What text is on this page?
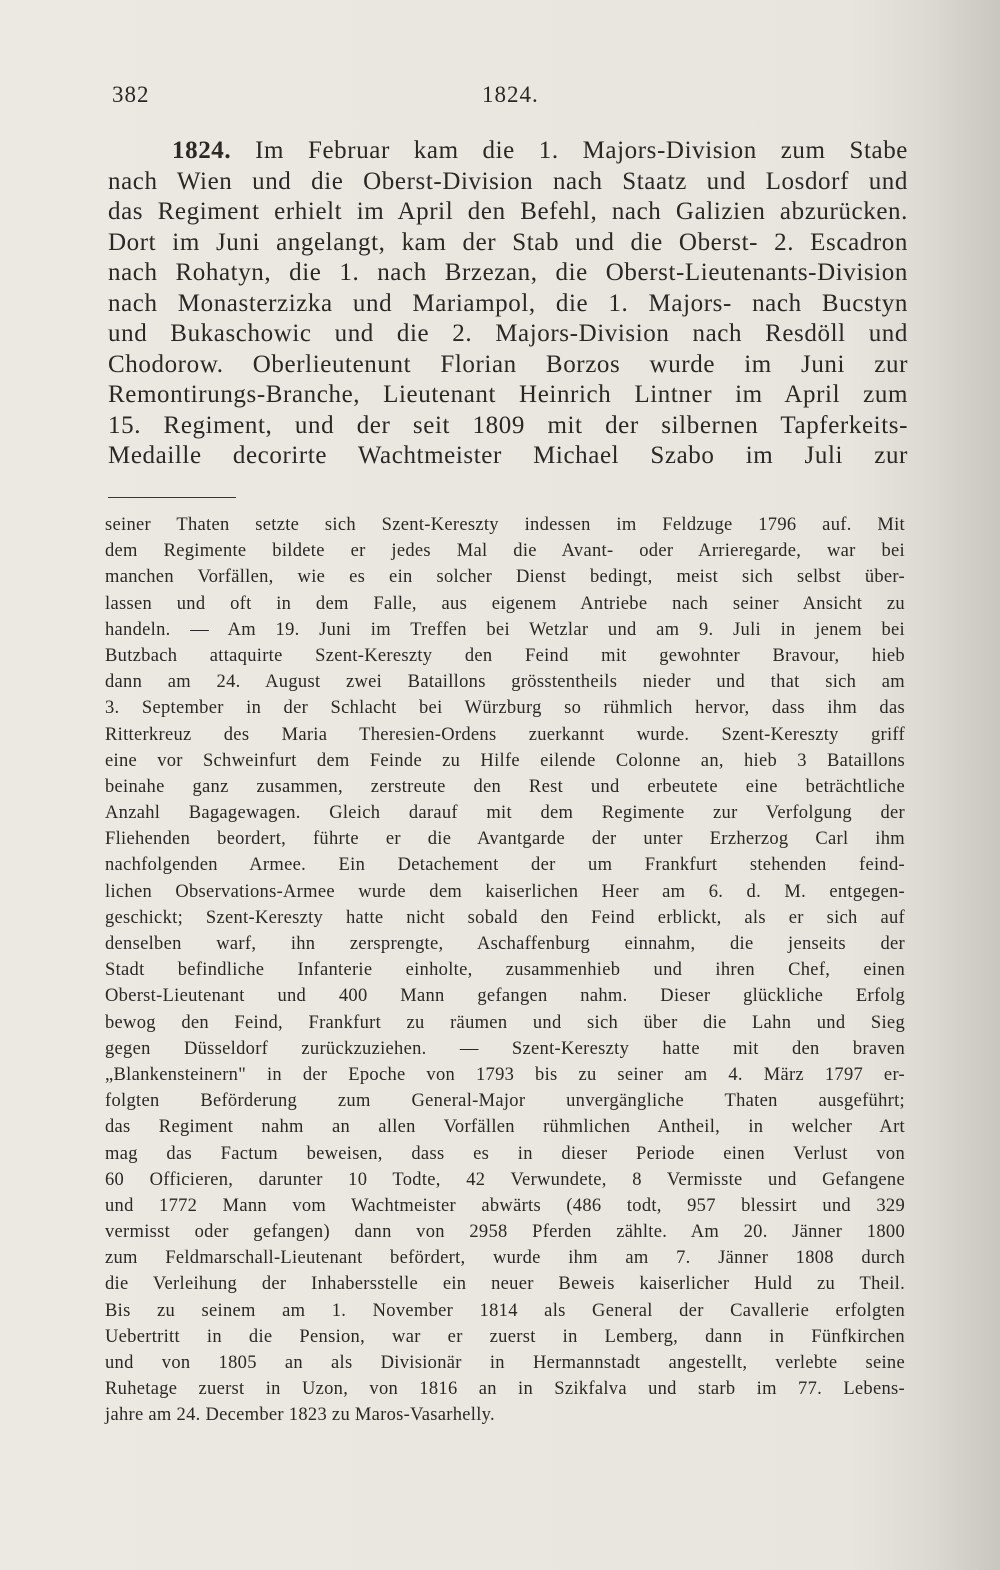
382	1824.
1824. Im Februar kam die 1. Majors-Division zum Stabe
nach Wien und die Oberst-Division nach Staatz und Losdorf und
das Regiment erhielt im April den Befehl, nach Galizien abzurücken.
Dort im Juni angelangt, kam der Stab und die Oberst- 2. Escadron
nach Rohatyn, die 1. nach Brzezan, die Oberst-Lieutenants-Division
nach Monasterzizka und Mariampol, die 1. Majors- nach Bucstyn
und Bukaschowic und die 2. Majors-Division nach Resdöll und
Chodorow. Oberlieutenunt Florian Borzos wurde im Juni zur
Remontirungs-Branche, Lieutenant Heinrich Lintner im April zum
15. Regiment, und der seit 1809 mit der silbernen Tapferkeits-
Medaille decorirte Wachtmeister Michael Szabo im Juli zur
seiner Thaten setzte sich Szent-Kereszty indessen im Feldzuge 1796 auf. Mit
dem Regimente bildete er jedes Mal die Avant- oder Arrieregarde, war bei
manchen Vorfällen, wie es ein solcher Dienst bedingt, meist sich selbst über-
lassen und oft in dem Falle, aus eigenem Antriebe nach seiner Ansicht zu
handeln. — Am 19. Juni im Treffen bei Wetzlar und am 9. Juli in jenem bei
Butzbach attaquirte Szent-Kereszty den Feind mit gewohnter Bravour, hieb
dann am 24. August zwei Bataillons grösstentheils nieder und that sich am
3. September in der Schlacht bei Würzburg so rühmlich hervor, dass ihm das
Ritterkreuz des Maria Theresien-Ordens zuerkannt wurde. Szent-Kereszty griff
eine vor Schweinfurt dem Feinde zu Hilfe eilende Colonne an, hieb 3 Bataillons
beinahe ganz zusammen, zerstreute den Rest und erbeutete eine beträchtliche
Anzahl Bagagewagen. Gleich darauf mit dem Regimente zur Verfolgung der
Fliehenden beordert, führte er die Avantgarde der unter Erzherzog Carl ihm
nachfolgenden Armee. Ein Detachement der um Frankfurt stehenden feind-
lichen Observations-Armee wurde dem kaiserlichen Heer am 6. d. M. entgegen-
geschickt; Szent-Kereszty hatte nicht sobald den Feind erblickt, als er sich auf
denselben warf, ihn zersprengte, Aschaffenburg einnahm, die jenseits der
Stadt befindliche Infanterie einholte, zusammenhieb und ihren Chef, einen
Oberst-Lieutenant und 400 Mann gefangen nahm. Dieser glückliche Erfolg
bewog den Feind, Frankfurt zu räumen und sich über die Lahn und Sieg
gegen Düsseldorf zurückzuziehen. — Szent-Kereszty hatte mit den braven
„Blankensteinern" in der Epoche von 1793 bis zu seiner am 4. März 1797 er-
folgten Beförderung zum General-Major unvergängliche Thaten ausgeführt;
das Regiment nahm an allen Vorfällen rühmlichen Antheil, in welcher Art
mag das Factum beweisen, dass es in dieser Periode einen Verlust von
60 Officieren, darunter 10 Todte, 42 Verwundete, 8 Vermisste und Gefangene
und 1772 Mann vom Wachtmeister abwärts (486 todt, 957 blessirt und 329
vermisst oder gefangen) dann von 2958 Pferden zählte. Am 20. Jänner 1800
zum Feldmarschall-Lieutenant befördert, wurde ihm am 7. Jänner 1808 durch
die Verleihung der Inhabersstelle ein neuer Beweis kaiserlicher Huld zu Theil.
Bis zu seinem am 1. November 1814 als General der Cavallerie erfolgten
Uebertritt in die Pension, war er zuerst in Lemberg, dann in Fünfkirchen
und von 1805 an als Divisionär in Hermannstadt angestellt, verlebte seine
Ruhetage zuerst in Uzon, von 1816 an in Szikfalva und starb im 77. Lebens-
jahre am 24. December 1823 zu Maros-Vasarhelly.
